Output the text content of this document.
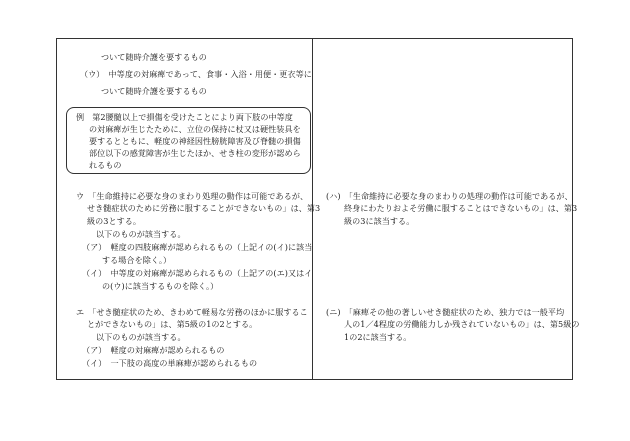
ついて随時介護を要するもの
（ウ）　中等度の対麻痺であって、食事・入浴・用便・更衣等に
ついて随時介護を要するもの
例　第2腰髄以上で損傷を受けたことにより両下肢の中等度
の対麻痺が生じたために、立位の保持に杖又は硬性装具を
要するとともに、軽度の神経因性膀胱障害及び脊髄の損傷
部位以下の感覚障害が生じたほか、せき柱の変形が認めら
れるもの
ウ　「生命維持に必要な身のまわり処理の動作は可能であるが、
せき髄症状のために労務に服することができないもの」は、第3
級の3とする。
以下のものが該当する。
（ア）　軽度の四肢麻痺が認められるもの（上記イの(イ)に該当
する場合を除く。）
（イ）　中等度の対麻痺が認められるもの（上記アの(エ)又はイ
の(ウ)に該当するものを除く。）
エ　「せき髄症状のため、きわめて軽易な労務のほかに服するこ
とができないもの」は、第5級の1の2とする。
以下のものが該当する。
（ア）　軽度の対麻痺が認められるもの
（イ）　一下肢の高度の単麻痺が認められるもの
(ハ)　「生命維持に必要な身のまわりの処理の動作は可能であるが、
終身にわたりおよそ労働に服することはできないもの」は、第3
級の3に該当する。
(ニ)　「麻痺その他の著しいせき髄症状のため、独力では一般平均
人の1／4程度の労働能力しか残されていないもの」は、第5級の
1の2に該当する。
